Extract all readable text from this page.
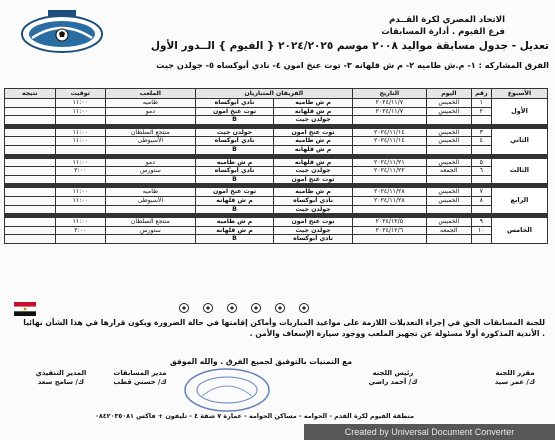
الاتحاد المصري لكرة القــدم
فرع الفيوم . أدارة المسابقات
تعديل - جدول مسابقة مواليد ٢٠٠٨ موسم ٢٠٢٤/٢٠٢٥ { الفيوم } الــدور الأول
الفرق المشاركه : ١- م.ش طاميه ٢- م ش قلهانه ٣- توت عنخ امون ٤- نادي أبوكساه ٥- جولدن جيت
الأسبوع	رقم	اليوم	التاريخ	الفريقان المتباريان		الملعب	توقيت	نتيجه
الأول	١	الخميس	٢٠٢٤/١١/٧	م ش طاميه	نادي أبوكساه	طاميه	١١:٠٠	
	٢	الخميس	٢٠٢٤/١١/٧	م ش قلهانه	توت عنخ امون	دمو	١١:٠٠	
				جولدن جيت	B			

الثاني	٣	الخميس	٢٠٢٤/١١/١٤	توت عنخ امون	جولدن جيت	منتجع السلطان	١١:٠٠	
	٤	الخميس	٢٠٢٤/١١/١٤	م ش طاميه	نادي أبوكساه	الأسيوطى	١١:٠٠	
				م ش قلهانه	B			

الثالث	٥	الخميس	٢٠٢٤/١١/٢١	م ش قلهانه	م ش طاميه	دمو	١١:٠٠	
	٦	الجمعه	٢٠٢٤/١١/٢٢	جولدن جيت	نادي أبوكساه	ستورس	٢:٠٠	
				توت عنخ امون	B			

الرابع	٧	الخميس	٢٠٢٤/١١/٢٨	م ش طاميه	توت عنخ امون	طاميه	١١:٠٠	
	٨	الخميس	٢٠٢٤/١١/٢٨	نادي أبوكساه	م ش قلهانه	الأسيوطى	١١:٠٠	
				جولدن جيت	B			

الخامس	٩	الخميس	٢٠٢٤/١٢/٥	توت عنخ امون	م ش طاميه	منتجع السلطان	١١:٠٠	
	١٠	الجمعه	٢٠٢٤/١٢/٦	جولدن جيت	م ش قلهانه	ستورس	٢:٠٠	
				نادي أبوكساه	B			
للجنة المسابقات الحق في إجراء التعديلات اللازمة على مواعيد المباريات وأماكن إقامتها في حالة الضرورة ويكون قرارها في هذا الشأن نهائيا . الأندية المذكورة أولا مسئولة عن تجهيز الملعب ووجود سيارة الإسعاف والأمن .
مع التمنيات بالتوفيق لجميع الفرق . والله الموفق
مقرر اللجنة
ك/ عمر سيد
رئيس اللجنه
ك/ أحمد راضي
مدير المسابقات
ك/ حسني قطب
المدير التنفيذي
ك/ سامح سعد
منطقة الفيوم لكرة القدم - الحوامه - مساكن الحوامه - عمارة ٧ شقة ٤ - تليفون + فاكس ٠٨٤٢٠٣٥٠٨١
Created by Universal Document Converter
